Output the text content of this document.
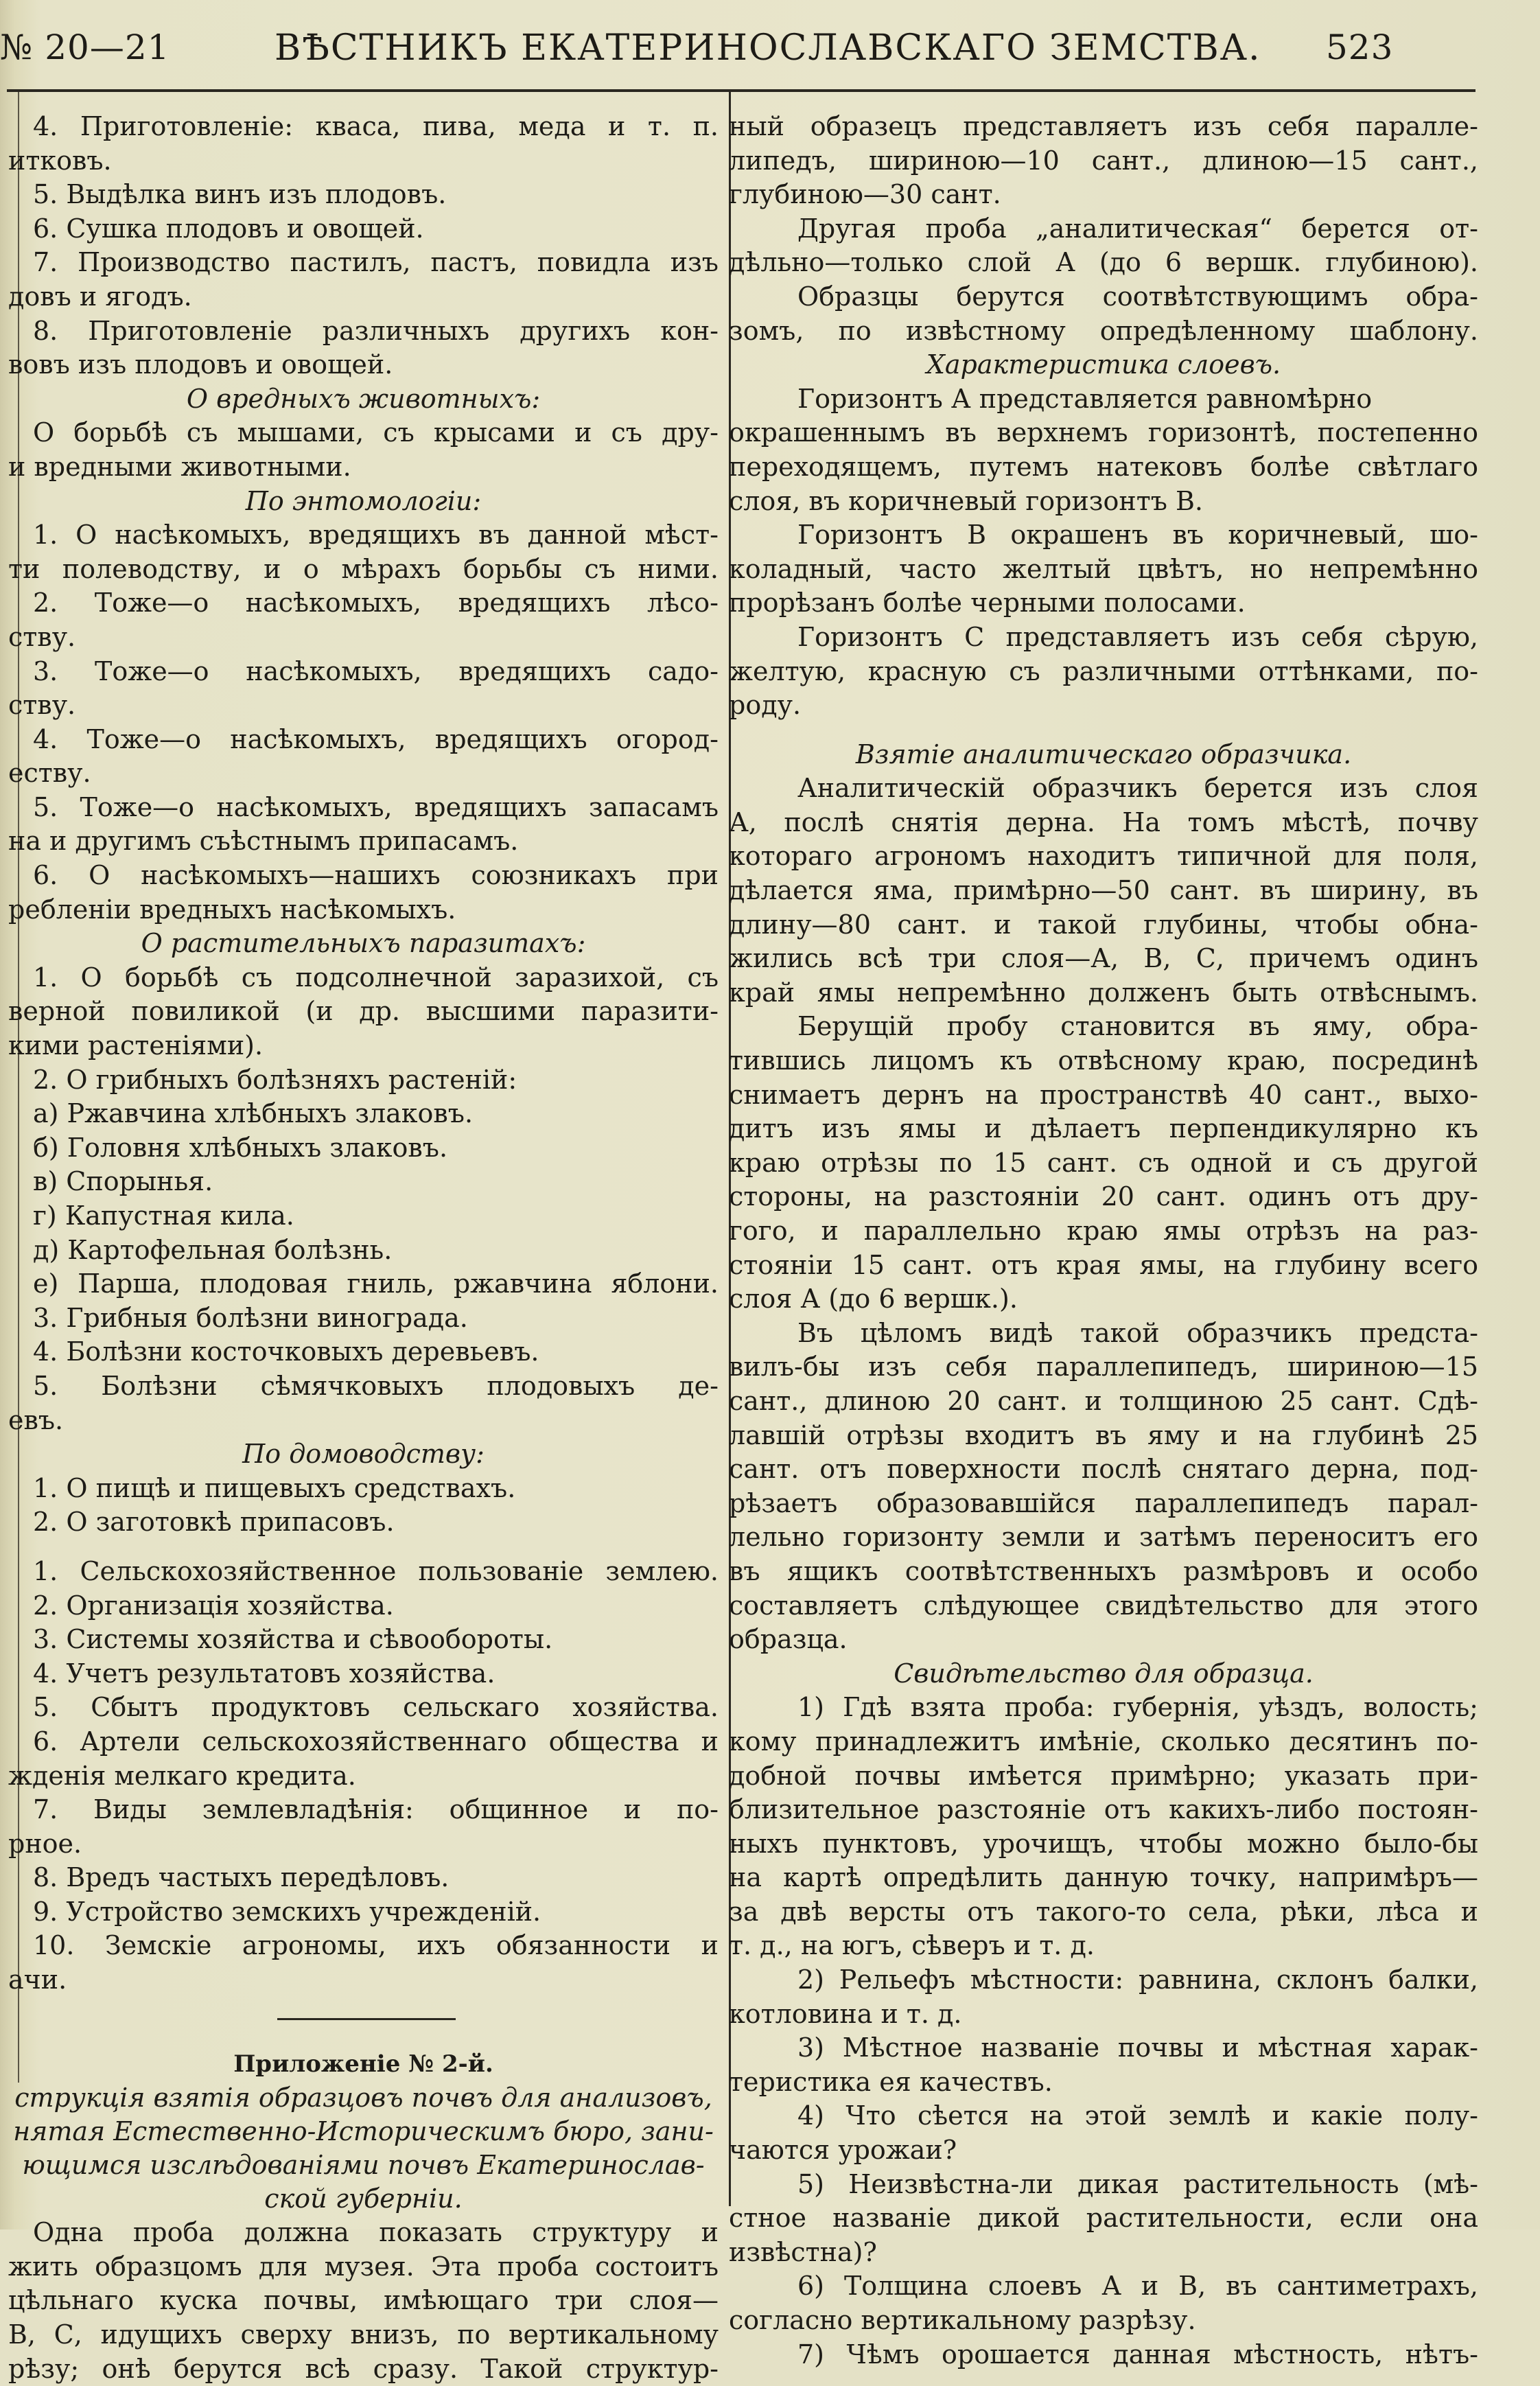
№ 20—21	ВѢСТНИКЪ ЕКАТЕРИНОСЛАВСКАГО ЗЕМСТВА. 523

4. Приготовленіе: кваса, пива, меда и т. п.

итковъ.

5. Выдѣлка винъ изъ плодовъ.

6. Сушка плодовъ и овощей.

7. Производство пастилъ, пастъ, повидла изъ

довъ и ягодъ.

8. Приготовленіе различныхъ другихъ кон-

вовъ изъ плодовъ и овощей.

О вредныхъ животныхъ:

О борьбѣ съ мышами, съ крысами и съ дру-

и вредными животными.

По энтомологіи:

1. О насѣкомыхъ, вредящихъ въ данной мѣст-

ти полеводству, и о мѣрахъ борьбы съ ними.

2. Тоже—о насѣкомыхъ, вредящихъ лѣсо-

ству.

3. Тоже—о насѣкомыхъ, вредящихъ садо-

ству.

4. Тоже—о насѣкомыхъ, вредящихъ огород-

еству.

5. Тоже—о насѣкомыхъ, вредящихъ запасамъ

на и другимъ съѣстнымъ припасамъ.

6. О насѣкомыхъ—нашихъ союзникахъ при

ребленіи вредныхъ насѣкомыхъ.

О растительныхъ паразитахъ:

1. О борьбѣ съ подсолнечной заразихой, съ

верной повиликой (и др. высшими паразити-

кими растеніями).

2. О грибныхъ болѣзняхъ растеній:

а) Ржавчина хлѣбныхъ злаковъ.

б) Головня хлѣбныхъ злаковъ.

в) Спорынья.

г) Капустная кила.

д) Картофельная болѣзнь.

е) Парша, плодовая гниль, ржавчина яблони.

3. Грибныя болѣзни винограда.

4. Болѣзни косточковыхъ деревьевъ.

5. Болѣзни сѣмячковыхъ плодовыхъ де-

евъ.

По домоводству:

1. О пищѣ и пищевыхъ средствахъ.

2. О заготовкѣ припасовъ.

1. Сельскохозяйственное пользованіе землею.

2. Организація хозяйства.

3. Системы хозяйства и сѣвообороты.

4. Учетъ результатовъ хозяйства.

5. Сбытъ продуктовъ сельскаго хозяйства.

6. Артели сельскохозяйственнаго общества и

жденія мелкаго кредита.

7. Виды землевладѣнія: общинное и по-

рное.

8. Вредъ частыхъ передѣловъ.

9. Устройство земскихъ учрежденій.

10. Земскіе агрономы, ихъ обязанности и

ачи.

Приложеніе № 2-й.

струкція взятія образцовъ почвъ для анализовъ,

нятая Естественно-Историческимъ бюро, зани-

ющимся изслѣдованіями почвъ Екатеринослав-

ской губерніи.

Одна проба должна показать структуру и

жить образцомъ для музея. Эта проба состоитъ

цѣльнаго куска почвы, имѣющаго три слоя—

В, С, идущихъ сверху внизъ, по вертикальному

рѣзу; онѣ берутся всѣ сразу. Такой структур-

ный образецъ представляетъ изъ себя паралле-

липедъ, шириною—10 сант., длиною—15 сант.,

глубиною—30 сант.

Другая проба „аналитическая“ берется от-

дѣльно—только слой А (до 6 вершк. глубиною).

Образцы берутся соотвѣтствующимъ обра-

зомъ, по извѣстному опредѣленному шаблону.

Характеристика слоевъ.

Горизонтъ А представляется равномѣрно

окрашеннымъ въ верхнемъ горизонтѣ, постепенно

переходящемъ, путемъ натековъ болѣе свѣтлаго

слоя, въ коричневый горизонтъ В.

Горизонтъ В окрашенъ въ коричневый, шо-

коладный, часто желтый цвѣтъ, но непремѣнно

прорѣзанъ болѣе черными полосами.

Горизонтъ С представляетъ изъ себя сѣрую,

желтую, красную съ различными оттѣнками, по-

роду.

Взятіе аналитическаго образчика.

Аналитическій образчикъ берется изъ слоя

А, послѣ снятія дерна. На томъ мѣстѣ, почву

котораго агрономъ находитъ типичной для поля,

дѣлается яма, примѣрно—50 сант. въ ширину, въ

длину—80 сант. и такой глубины, чтобы обна-

жились всѣ три слоя—А, В, С, причемъ одинъ

край ямы непремѣнно долженъ быть отвѣснымъ.

Берущій пробу становится въ яму, обра-

тившись лицомъ къ отвѣсному краю, посрединѣ

снимаетъ дернъ на пространствѣ 40 сант., выхо-

дитъ изъ ямы и дѣлаетъ перпендикулярно къ

краю отрѣзы по 15 сант. съ одной и съ другой

стороны, на разстояніи 20 сант. одинъ отъ дру-

гого, и параллельно краю ямы отрѣзъ на раз-

стояніи 15 сант. отъ края ямы, на глубину всего

слоя А (до 6 вершк.).

Въ цѣломъ видѣ такой образчикъ предста-

вилъ-бы изъ себя параллепипедъ, шириною—15

сант., длиною 20 сант. и толщиною 25 сант. Сдѣ-

лавшій отрѣзы входитъ въ яму и на глубинѣ 25

сант. отъ поверхности послѣ снятаго дерна, под-

рѣзаетъ образовавшійся параллепипедъ парал-

лельно горизонту земли и затѣмъ переноситъ его

въ ящикъ соотвѣтственныхъ размѣровъ и особо

составляетъ слѣдующее свидѣтельство для этого

образца.

Свидѣтельство для образца.

1) Гдѣ взята проба: губернія, уѣздъ, волость;

кому принадлежитъ имѣніе, сколько десятинъ по-

добной почвы имѣется примѣрно; указать при-

близительное разстояніе отъ какихъ-либо постоян-

ныхъ пунктовъ, урочищъ, чтобы можно было-бы

на картѣ опредѣлить данную точку, напримѣръ—

за двѣ версты отъ такого-то села, рѣки, лѣса и

т. д., на югъ, сѣверъ и т. д.

2) Рельефъ мѣстности: равнина, склонъ балки,

котловина и т. д.

3) Мѣстное названіе почвы и мѣстная харак-

теристика ея качествъ.

4) Что сѣется на этой землѣ и какіе полу-

чаются урожаи?

5) Неизвѣстна-ли дикая растительность (мѣ-

стное названіе дикой растительности, если она

извѣстна)?

6) Толщина слоевъ А и В, въ сантиметрахъ,

согласно вертикальному разрѣзу.

7) Чѣмъ орошается данная мѣстность, нѣтъ-
